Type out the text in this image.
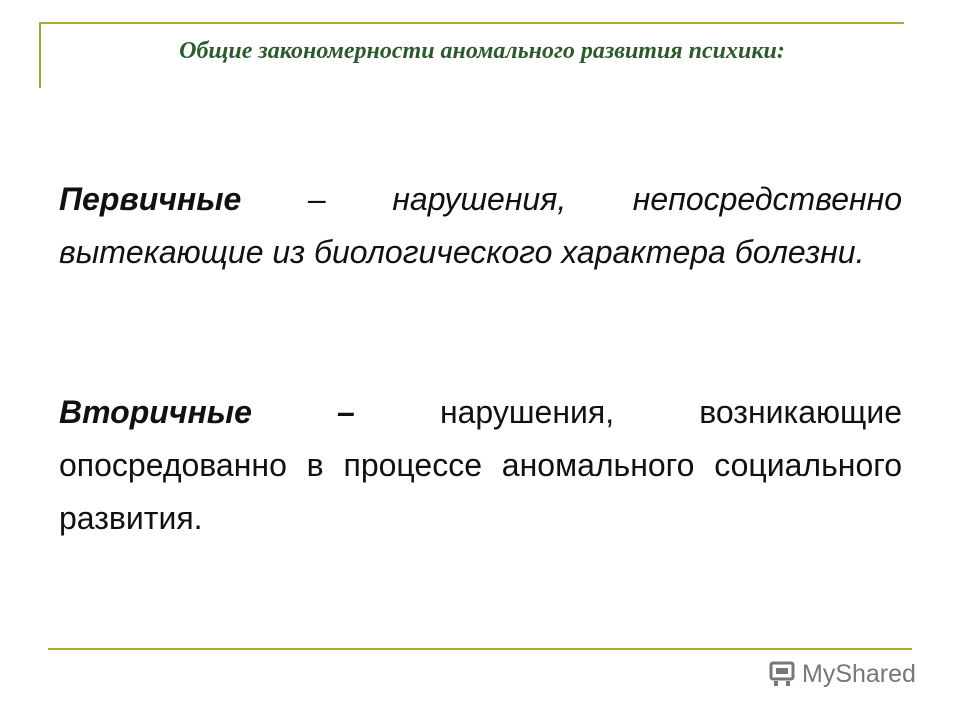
Общие закономерности аномального развития психики:
Первичные – нарушения, непосредственно вытекающие из биологического характера болезни.
Вторичные – нарушения, возникающие опосредованно в процессе аномального социального развития.
MyShared
